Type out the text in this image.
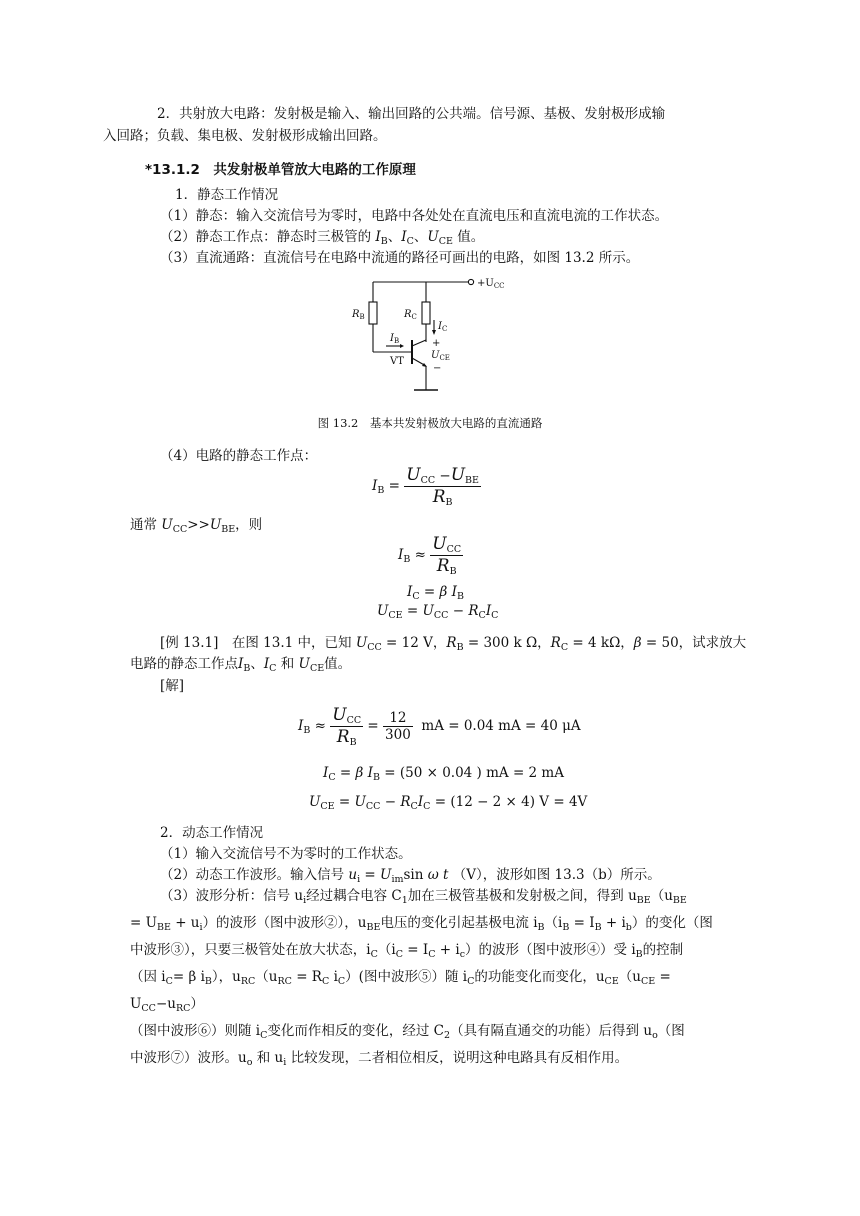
2．共射放大电路：发射极是输入、输出回路的公共端。信号源、基极、发射极形成输
入回路；负载、集电极、发射极形成输出回路。
*13.1.2　共发射极单管放大电路的工作原理
1．静态工作情况
（1）静态：输入交流信号为零时，电路中各处处在直流电压和直流电流的工作状态。
（2）静态工作点：静态时三极管的 $I_B$、$I_C$、$U_{CE}$ 值。
（3）直流通路：直流信号在电路中流通的路径可画出的电路，如图 13.2 所示。
$+U_{CC}$
$R_B$	$R_C$
$I_B$
$I_C$
+
$U_{CE}$
−
VT
图 13.2　基本共发射极放大电路的直流通路
（4）电路的静态工作点：
$I_B = \frac{U_{CC} -U_{BE}}{R_B}$
通常 $U_{CC}>>U_{BE}$，则
$I_B \approx \frac{U_{CC}}{R_B}$
$I_C = \beta$ $I_B$
$U_{CE} = U_{CC} - R_CI_C$
[例 13.1]　在图 13.1 中，已知 $U_{CC} = 12$ V，$R_B = 300$ k Ω，$R_C = 4$ kΩ，β = 50，试求放大
电路的静态工作点$I_B$、$I_C$ 和 $U_{CE}$值。
[解]
$I_B \approx \frac{U_{CC}}{R_B} = \frac{12}{300}$ mA = 0.04 mA = 40 μA
$I_C = \beta$ $I_B = (50 \times 0.04$ ) mA = 2 mA
$U_{CE} = U_{CC} - R_CI_C = (12 - 2 \times 4) V = 4V$
2．动态工作情况
（1）输入交流信号不为零时的工作状态。
（2）动态工作波形。输入信号 $u_i = U_{im}\sin$ ω t （V），波形如图 13.3（b）所示。
（3）波形分析：信号 $u_i$经过耦合电容 $C_1$加在三极管基极和发射极之间，得到 $u_{BE}(u_{BE}$
= $U_{BE} + u_i$）的波形（图中波形②），$u_{BE}$电压的变化引起基极电流 $i_B(i_B = I_B + i_b)$的变化（图
中波形③），只要三极管处在放大状态，$i_C(i_C = I_C + i_c)$的波形（图中波形④）受 $i_B$的控制
（因 $i_C= \beta$ $i_B$），$u_{RC}(u_{RC} = R_C$ $i_C$）(图中波形⑤）随 $i_C$的功能变化而变化，$u_{CE}(u_{CE} = U_{CC}-u_{RC})$
（图中波形⑥）则随 $i_C$变化而作相反的变化，经过 $C_2$（具有隔直通交的功能）后得到 $u_o$（图
中波形⑦）波形。$u_o$ 和 $u_i$ 比较发现，二者相位相反，说明这种电路具有反相作用。
